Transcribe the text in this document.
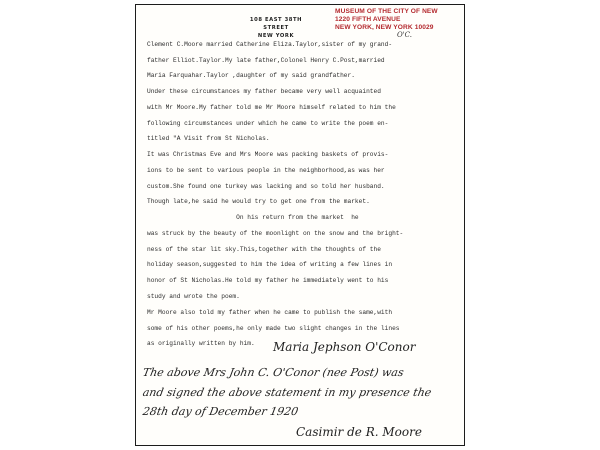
108 EAST 38TH STREET
NEW YORK
MUSEUM OF THE CITY OF NEW
1220 FIFTH AVENUE
NEW YORK, NEW YORK 10029
O'C.
Clement C.Moore married Catherine Eliza.Taylor,sister of my grand-
father Elliot.Taylor.My late father,Colonel Henry C.Post,married
Maria Farquahar.Taylor ,daughter of my said grandfather.
Under these circumstances my father became very well acquainted
with Mr Moore.My father told me Mr Moore himself related to him the
following circumstances under which he came to write the poem en-
titled "A Visit from St Nicholas.
It was Christmas Eve and Mrs Moore was packing baskets of provis-
ions to be sent to various people in the neighborhood,as was her
custom.She found one turkey was lacking and so told her husband.
Though late,he said he would try to get one from the market.
On his return from the market  he
was struck by the beauty of the moonlight on the snow and the bright-
ness of the star lit sky.This,together with the thoughts of the
holiday season,suggested to him the idea of writing a few lines in
honor of St Nicholas.He told my father he immediately went to his
study and wrote the poem.
Mr Moore also told my father when he came to publish the same,with
some of his other poems,he only made two slight changes in the lines
as originally written by him. Maria Jephson O'Conor
The above Mrs John C. O'Conor (nee Post) was
and signed the above statement in my presence the
28th day of December 1920
Casimir de R. Moore
